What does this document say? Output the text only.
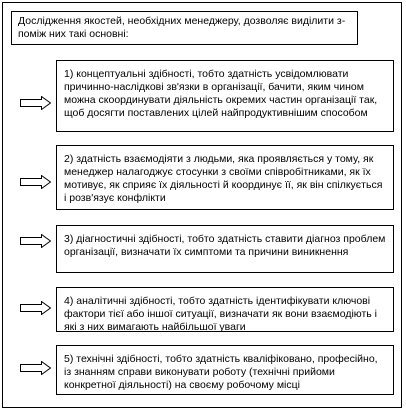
Дослідження якостей, необхідних менеджеру, дозволяє виділити з-поміж них такі основні:
1) концептуальні здібності, тобто здатність усвідомлювати причинно-наслідкові зв'язки в організації, бачити, яким чином можна скоординувати діяльність окремих частин організації так, щоб досягти поставлених цілей найпродуктивнішим способом
2) здатність взаємодіяти з людьми, яка проявляється у тому, як менеджер налагоджує стосунки з своїми співробітниками, як їх мотивує, як сприяє їх діяльності й координує її, як він спілкується і розв'язує конфлікти
3) діагностичні здібності, тобто здатність ставити діагноз проблем організації, визначати їх симптоми та причини виникнення
4) аналітичні здібності, тобто здатність ідентифікувати ключові фактори тієї або іншої ситуації, визначати як вони взаємодіють і які з них вимагають найбільшої уваги
5) технічні здібності, тобто здатність кваліфіковано, професійно, із знанням справи виконувати роботу (технічні прийоми конкретної діяльності) на своєму робочому місці
